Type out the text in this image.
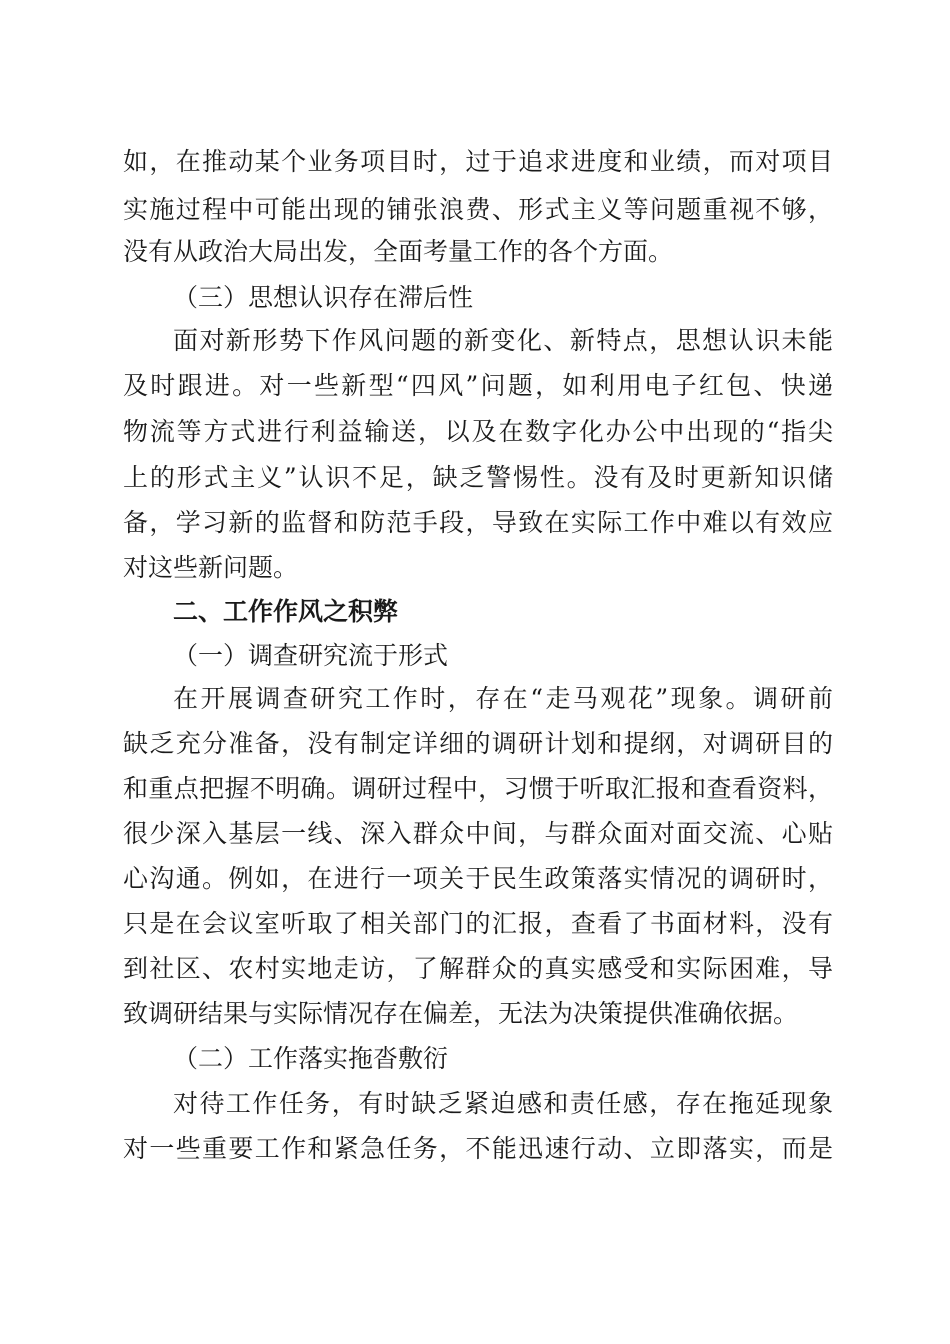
如，在推动某个业务项目时，过于追求进度和业绩，而对项目
实施过程中可能出现的铺张浪费、形式主义等问题重视不够，
没有从政治大局出发，全面考量工作的各个方面。
（三）思想认识存在滞后性
面对新形势下作风问题的新变化、新特点，思想认识未能
及时跟进。对一些新型“四风”问题，如利用电子红包、快递
物流等方式进行利益输送，以及在数字化办公中出现的“指尖
上的形式主义”认识不足，缺乏警惕性。没有及时更新知识储
备，学习新的监督和防范手段，导致在实际工作中难以有效应
对这些新问题。
二、工作作风之积弊
（一）调查研究流于形式
在开展调查研究工作时，存在“走马观花”现象。调研前
缺乏充分准备，没有制定详细的调研计划和提纲，对调研目的
和重点把握不明确。调研过程中，习惯于听取汇报和查看资料，
很少深入基层一线、深入群众中间，与群众面对面交流、心贴
心沟通。例如，在进行一项关于民生政策落实情况的调研时，
只是在会议室听取了相关部门的汇报，查看了书面材料，没有
到社区、农村实地走访，了解群众的真实感受和实际困难，导
致调研结果与实际情况存在偏差，无法为决策提供准确依据。
（二）工作落实拖沓敷衍
对待工作任务，有时缺乏紧迫感和责任感，存在拖延现象
对一些重要工作和紧急任务，不能迅速行动、立即落实，而是
